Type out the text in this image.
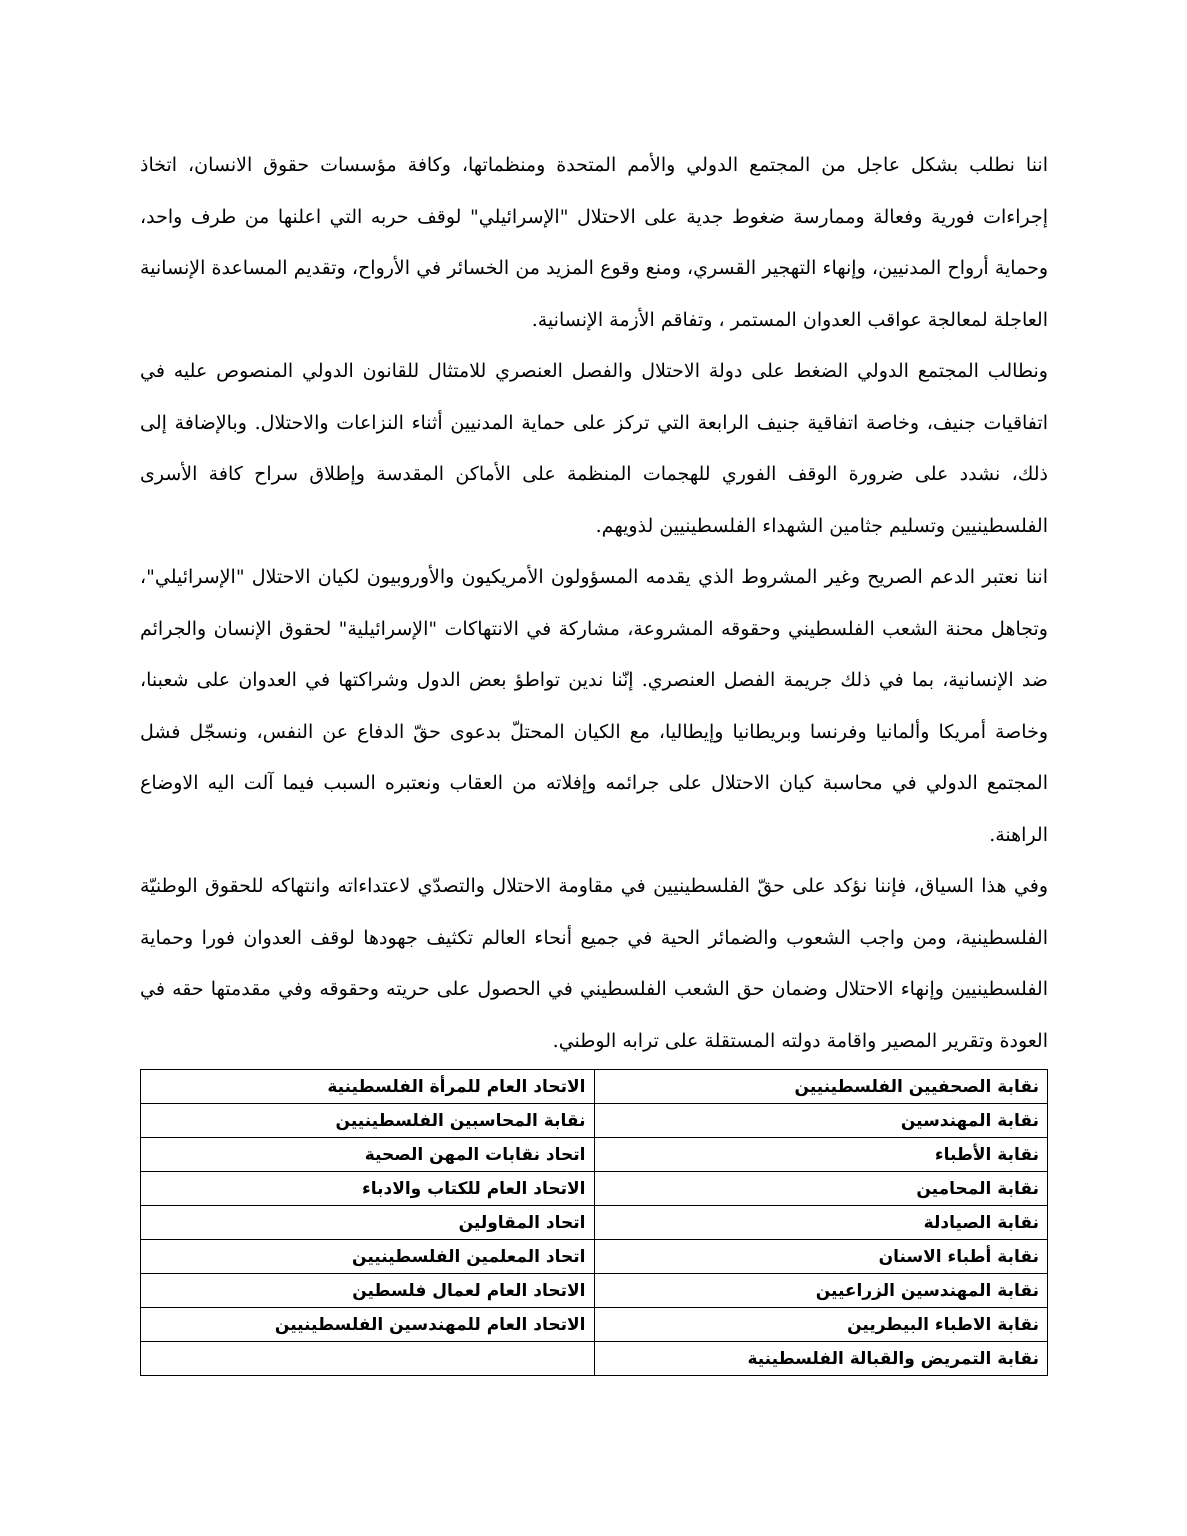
اننا نطلب بشكل عاجل من المجتمع الدولي والأمم المتحدة ومنظماتها، وكافة مؤسسات حقوق الانسان، اتخاذ إجراءات فورية وفعالة وممارسة ضغوط جدية على الاحتلال "الإسرائيلي" لوقف حربه التي اعلنها من طرف واحد، وحماية أرواح المدنيين، وإنهاء التهجير القسري، ومنع وقوع المزيد من الخسائر في الأرواح، وتقديم المساعدة الإنسانية العاجلة لمعالجة عواقب العدوان المستمر ، وتفاقم الأزمة الإنسانية.

ونطالب المجتمع الدولي الضغط على دولة الاحتلال والفصل العنصري للامتثال للقانون الدولي المنصوص عليه في اتفاقيات جنيف، وخاصة اتفاقية جنيف الرابعة التي تركز على حماية المدنيين أثناء النزاعات والاحتلال. وبالإضافة إلى ذلك، نشدد على ضرورة الوقف الفوري للهجمات المنظمة على الأماكن المقدسة وإطلاق سراح كافة الأسرى الفلسطينيين وتسليم جثامين الشهداء الفلسطينيين لذويهم.

اننا نعتبر الدعم الصريح وغير المشروط الذي يقدمه المسؤولون الأمريكيون والأوروبيون لكيان الاحتلال "الإسرائيلي"، وتجاهل محنة الشعب الفلسطيني وحقوقه المشروعة، مشاركة في الانتهاكات "الإسرائيلية" لحقوق الإنسان والجرائم ضد الإنسانية، بما في ذلك جريمة الفصل العنصري. إنّنا ندين تواطؤ بعض الدول وشراكتها في العدوان على شعبنا، وخاصة أمريكا وألمانيا وفرنسا وبريطانيا وإيطاليا، مع الكيان المحتلّ بدعوى حقّ الدفاع عن النفس، ونسجّل فشل المجتمع الدولي في محاسبة كيان الاحتلال على جرائمه وإفلاته من العقاب ونعتبره السبب فيما آلت اليه الاوضاع الراهنة.

وفي هذا السياق، فإننا نؤكد على حقّ الفلسطينيين في مقاومة الاحتلال والتصدّي لاعتداءاته وانتهاكه للحقوق الوطنيّة الفلسطينية، ومن واجب الشعوب والضمائر الحية في جميع أنحاء العالم تكثيف جهودها لوقف العدوان فورا وحماية الفلسطينيين وإنهاء الاحتلال وضمان حق الشعب الفلسطيني في الحصول على حريته وحقوقه وفي مقدمتها حقه في العودة وتقرير المصير واقامة دولته المستقلة على ترابه الوطني.

نقابة الصحفيين الفلسطينيين	الاتحاد العام للمرأة الفلسطينية
نقابة المهندسين	نقابة المحاسبين الفلسطينيين
نقابة الأطباء	اتحاد نقابات المهن الصحية
نقابة المحامين	الاتحاد العام للكتاب والادباء
نقابة الصيادلة	اتحاد المقاولين
نقابة أطباء الاسنان	اتحاد المعلمين الفلسطينيين
نقابة المهندسين الزراعيين	الاتحاد العام لعمال فلسطين
نقابة الاطباء البيطريين	الاتحاد العام للمهندسين الفلسطينيين
نقابة التمريض والقبالة الفلسطينية	
